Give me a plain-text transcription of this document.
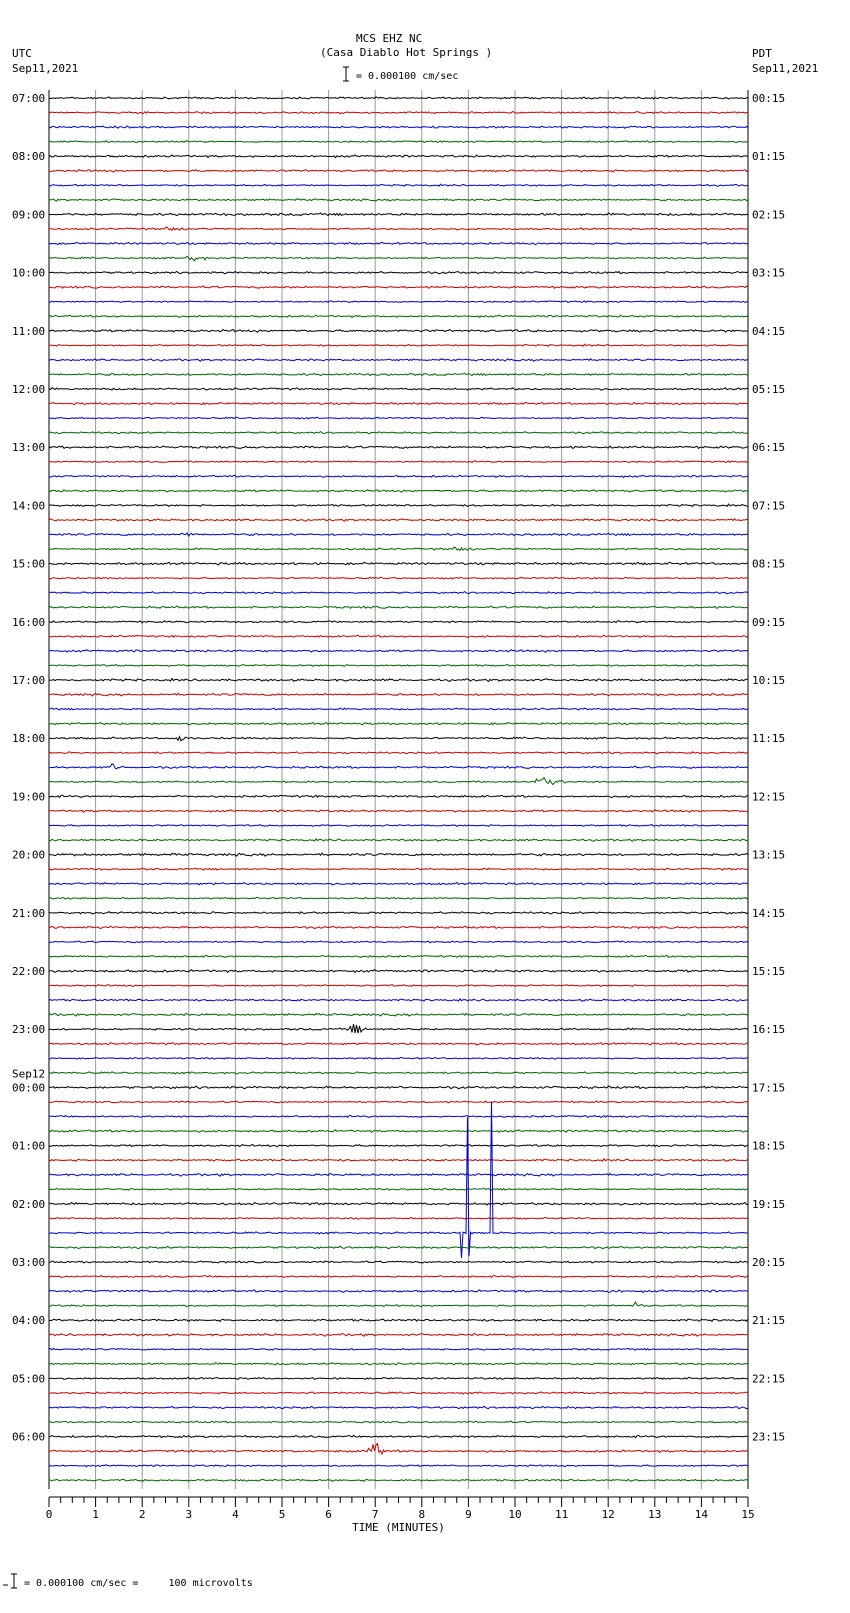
MCS EHZ NC
(Casa Diablo Hot Springs )
UTC
Sep11,2021
PDT
Sep11,2021
= 0.000100 cm/sec
= 0.000100 cm/sec =     100 microvolts
07:00
08:00
09:00
10:00
11:00
12:00
13:00
14:00
15:00
16:00
17:00
18:00
19:00
20:00
21:00
22:00
23:00
00:00
Sep12
01:00
02:00
03:00
04:00
05:00
06:00
00:15
01:15
02:15
03:15
04:15
05:15
06:15
07:15
08:15
09:15
10:15
11:15
12:15
13:15
14:15
15:15
16:15
17:15
18:15
19:15
20:15
21:15
22:15
23:15
0	1	2	3	4	5	6	7	8	9	10	11	12	13	14	15
TIME (MINUTES)
